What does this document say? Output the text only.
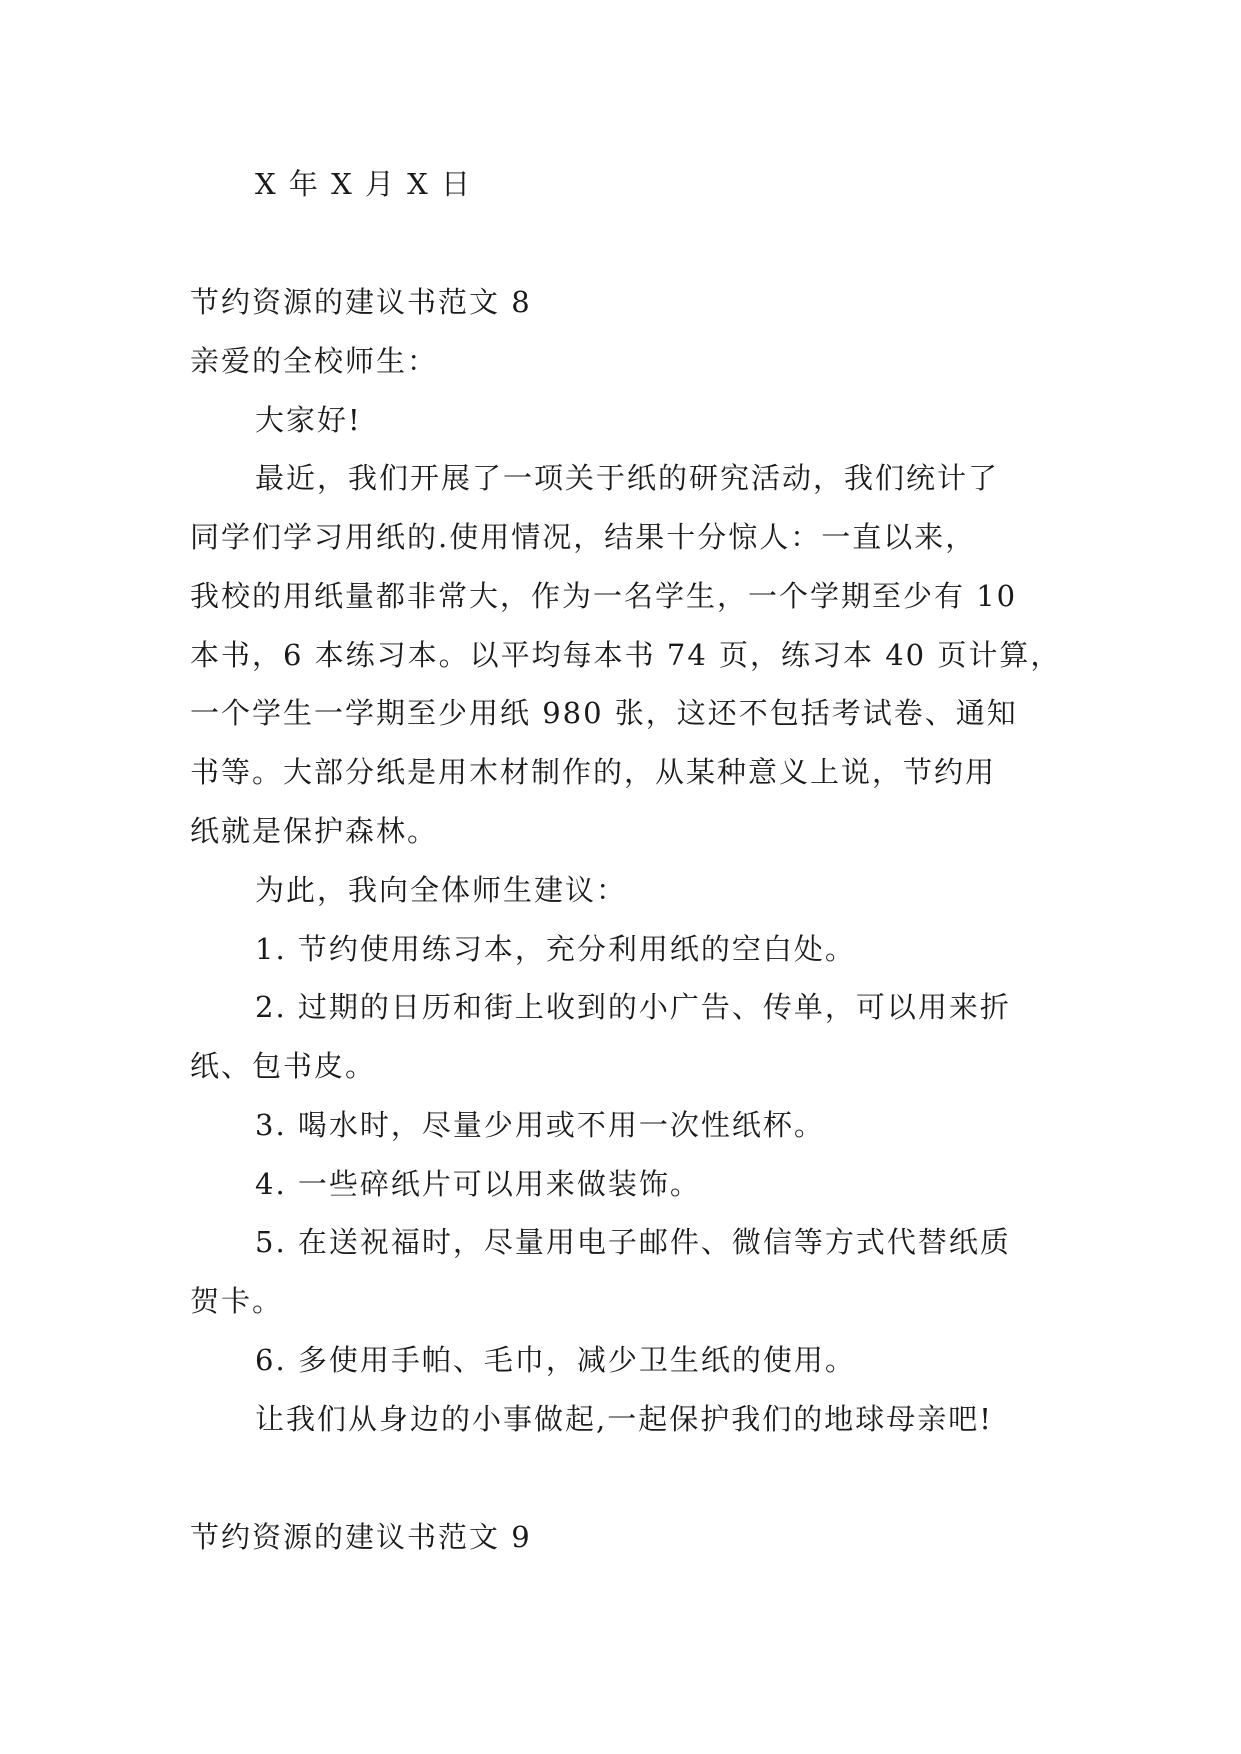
X 年 X 月 X 日
节约资源的建议书范文 8
亲爱的全校师生：
大家好!
最近，我们开展了一项关于纸的研究活动，我们统计了
同学们学习用纸的.使用情况，结果十分惊人：一直以来，
我校的用纸量都非常大，作为一名学生，一个学期至少有 10
本书，6 本练习本。以平均每本书 74 页，练习本 40 页计算，
一个学生一学期至少用纸 980 张，这还不包括考试卷、通知
书等。大部分纸是用木材制作的，从某种意义上说，节约用
纸就是保护森林。
为此，我向全体师生建议：
1. 节约使用练习本，充分利用纸的空白处。
2. 过期的日历和街上收到的小广告、传单，可以用来折
纸、包书皮。
3. 喝水时，尽量少用或不用一次性纸杯。
4. 一些碎纸片可以用来做装饰。
5. 在送祝福时，尽量用电子邮件、微信等方式代替纸质
贺卡。
6. 多使用手帕、毛巾，减少卫生纸的使用。
让我们从身边的小事做起,一起保护我们的地球母亲吧!
节约资源的建议书范文 9
